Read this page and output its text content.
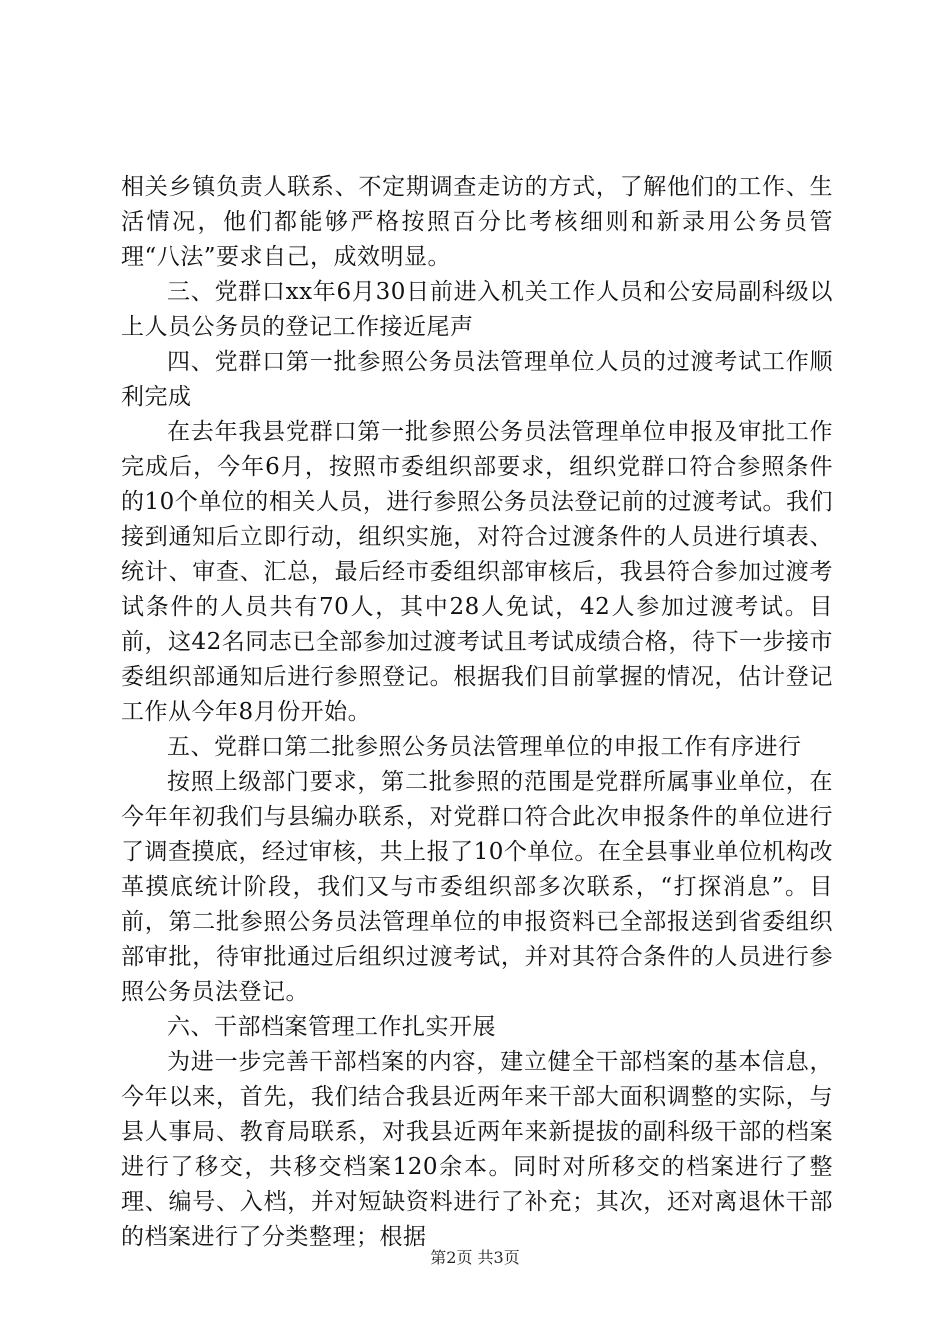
相关乡镇负责人联系、不定期调查走访的方式，了解他们的工作、生活情况，他们都能够严格按照百分比考核细则和新录用公务员管理“八法”要求自己，成效明显。

三、党群口xx年6月30日前进入机关工作人员和公安局副科级以上人员公务员的登记工作接近尾声

四、党群口第一批参照公务员法管理单位人员的过渡考试工作顺利完成

在去年我县党群口第一批参照公务员法管理单位申报及审批工作完成后，今年6月，按照市委组织部要求，组织党群口符合参照条件的10个单位的相关人员，进行参照公务员法登记前的过渡考试。我们接到通知后立即行动，组织实施，对符合过渡条件的人员进行填表、统计、审查、汇总，最后经市委组织部审核后，我县符合参加过渡考试条件的人员共有70人，其中28人免试，42人参加过渡考试。目前，这42名同志已全部参加过渡考试且考试成绩合格，待下一步接市委组织部通知后进行参照登记。根据我们目前掌握的情况，估计登记工作从今年8月份开始。

五、党群口第二批参照公务员法管理单位的申报工作有序进行

按照上级部门要求，第二批参照的范围是党群所属事业单位，在今年年初我们与县编办联系，对党群口符合此次申报条件的单位进行了调查摸底，经过审核，共上报了10个单位。在全县事业单位机构改革摸底统计阶段，我们又与市委组织部多次联系，“打探消息”。目前，第二批参照公务员法管理单位的申报资料已全部报送到省委组织部审批，待审批通过后组织过渡考试，并对其符合条件的人员进行参照公务员法登记。

六、干部档案管理工作扎实开展

为进一步完善干部档案的内容，建立健全干部档案的基本信息，今年以来，首先，我们结合我县近两年来干部大面积调整的实际，与县人事局、教育局联系，对我县近两年来新提拔的副科级干部的档案进行了移交，共移交档案120余本。同时对所移交的档案进行了整理、编号、入档，并对短缺资料进行了补充；其次，还对离退休干部的档案进行了分类整理；根据

第2页 共3页
